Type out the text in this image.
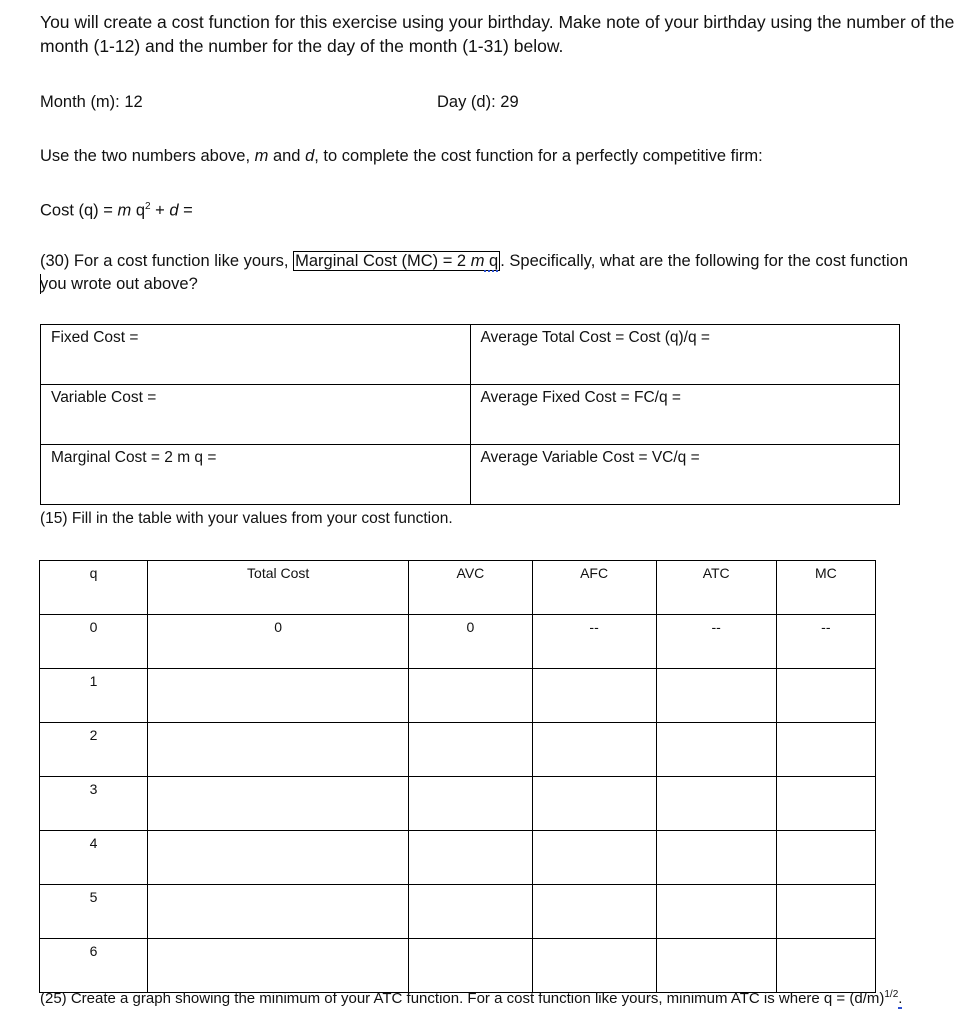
You will create a cost function for this exercise using your birthday. Make note of your birthday using the number of the month (1-12) and the number for the day of the month (1-31) below.
Month (m): 12	Day (d): 29
Use the two numbers above, m and d, to complete the cost function for a perfectly competitive firm:
Cost (q) = m $q^2 + d$ =
(30) For a cost function like yours, Marginal Cost (MC) = 2 m q . Specifically, what are the following for the cost function
you wrote out above?
Fixed Cost =	Average Total Cost = Cost (q)/q =
Variable Cost =	Average Fixed Cost = FC/q =
Marginal Cost = 2 m q =	Average Variable Cost = VC/q =
(15) Fill in the table with your values from your cost function.
q	Total Cost	AVC	AFC	ATC	MC
0	0	0	--	--	--
1					
2					
3					
4					
5					
6					
(25) Create a graph showing the minimum of your ATC function. For a cost function like yours, minimum ATC is where $q = (d/m)^{1/2}$.
